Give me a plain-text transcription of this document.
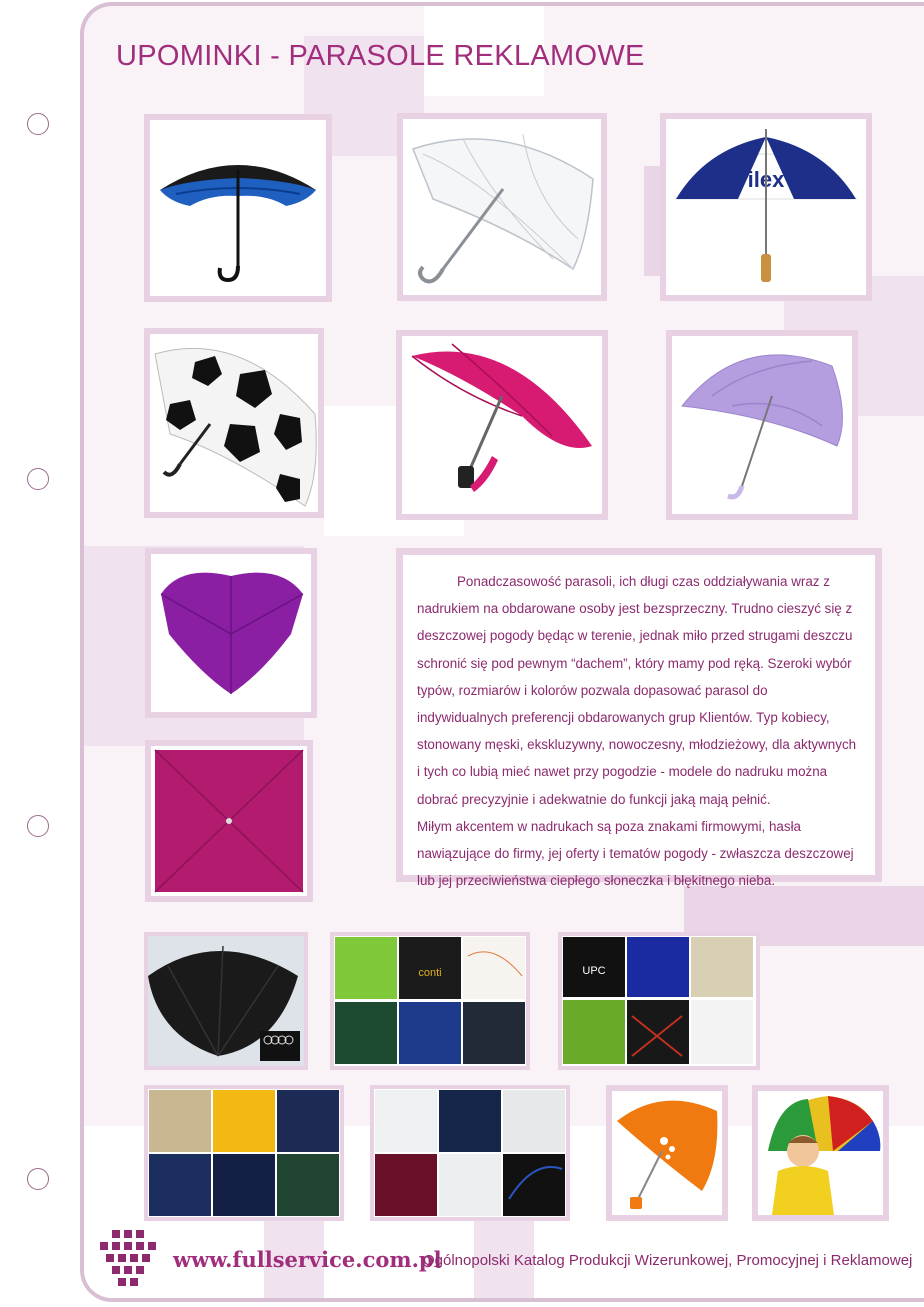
UPOMINKI - PARASOLE REKLAMOWE
ilex

Ponadczasowość parasoli, ich długi czas oddziaływania wraz z nadrukiem na obdarowane osoby jest bezsprzeczny. Trudno cieszyć się z deszczowej pogody będąc w terenie, jednak miło przed strugami deszczu schronić się pod pewnym “dachem”, który mamy pod ręką. Szeroki wybór typów, rozmiarów i kolorów pozwala dopasować parasol do indywidualnych preferencji obdarowanych grup Klientów. Typ kobiecy, stonowany męski, ekskluzywny, nowoczesny, młodzieżowy, dla aktywnych i tych co lubią mieć nawet przy pogodzie - modele do nadruku można dobrać precyzyjnie i adekwatnie do funkcji jaką mają pełnić.

Miłym akcentem w nadrukach są poza znakami firmowymi, hasła nawiązujące do firmy, jej oferty i tematów pogody - zwłaszcza deszczowej lub jej przeciwieństwa ciepłego słoneczka i błękitnego nieba.

conti	UPC
www.fullservice.com.pl
Ogólnopolski Katalog Produkcji Wizerunkowej, Promocyjnej i Reklamowej
